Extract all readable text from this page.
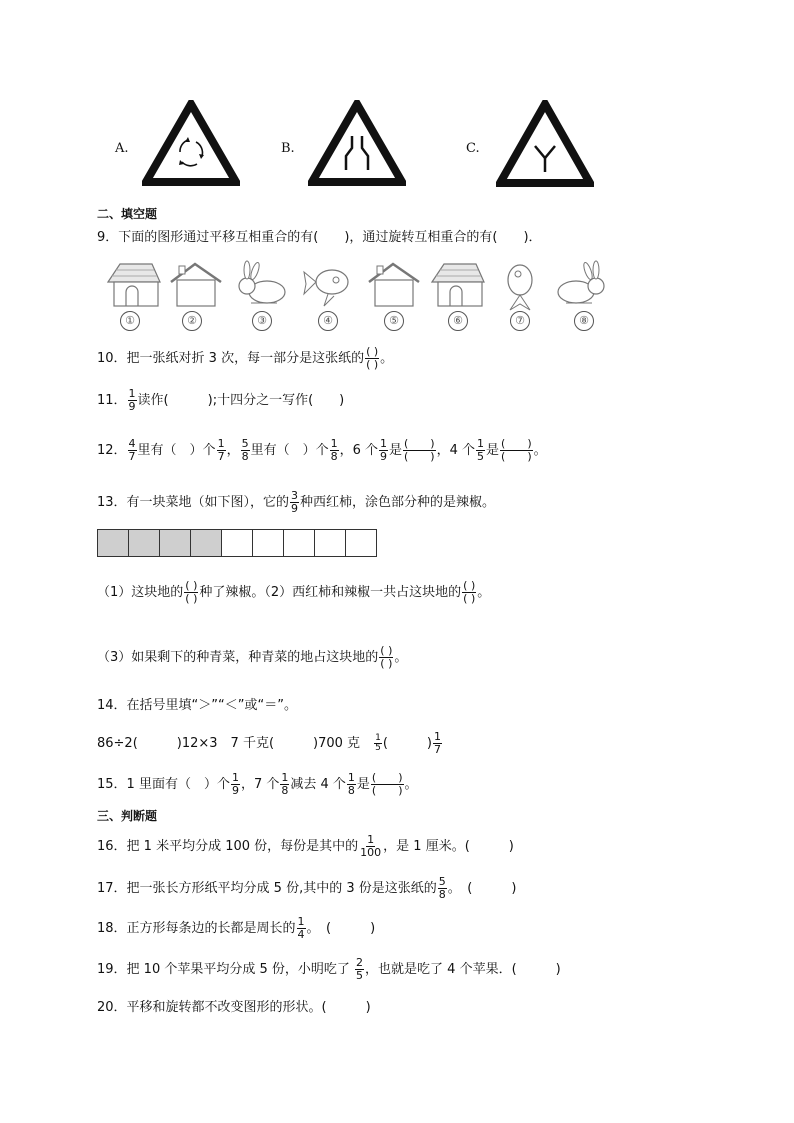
A.	B.	C.
二、填空题
9．下面的图形通过平移互相重合的有(　　)，通过旋转互相重合的有(　　)．
①	②	③	④	⑤	⑥	⑦	⑧
10．把一张纸对折 3 次，每一部分是这张纸的 $\frac{( )}{( )}$ 。
11． $\frac{1}{9}$ 读作(　　　);十四分之一写作(　　)
12． $\frac{4}{7}$ 里有（　）个 $\frac{1}{7}$ ， $\frac{5}{8}$ 里有（　）个 $\frac{1}{8}$ ，6 个 $\frac{1}{9}$ 是 $\frac{( )}{( )}$ ，4 个 $\frac{1}{5}$ 是 $\frac{( )}{( )}$ 。
13．有一块菜地（如下图），它的 $\frac{3}{9}$ 种西红柿，涂色部分种的是辣椒。
（1）这块地的 $\frac{( )}{( )}$ 种了辣椒。（2）西红柿和辣椒一共占这块地的 $\frac{( )}{( )}$ 。
（3）如果剩下的种青菜，种青菜的地占这块地的 $\frac{( )}{( )}$ 。
14．在括号里填“＞”“＜”或“＝”。
86÷2(　　　)12×3　7 千克(　　　)700 克　 $\frac{1}{5}$ (　　　) $\frac{1}{7}$
15．1 里面有（　）个 $\frac{1}{9}$ ，7 个 $\frac{1}{8}$ 减去 4 个 $\frac{1}{8}$ 是 $\frac{( )}{( )}$ 。
三、判断题
16．把 1 米平均分成 100 份，每份是其中的 $\frac{1}{100}$ ，是 1 厘米。(　　　)
17．把一张长方形纸平均分成 5 份,其中的 3 份是这张纸的 $\frac{5}{8}$ 。　(　　　)
18．正方形每条边的长都是周长的 $\frac{1}{4}$ 。　(　　　)
19．把 10 个苹果平均分成 5 份，小明吃了 $\frac{2}{5}$ ，也就是吃了 4 个苹果．(　　　)
20．平移和旋转都不改变图形的形状。(　　　)
